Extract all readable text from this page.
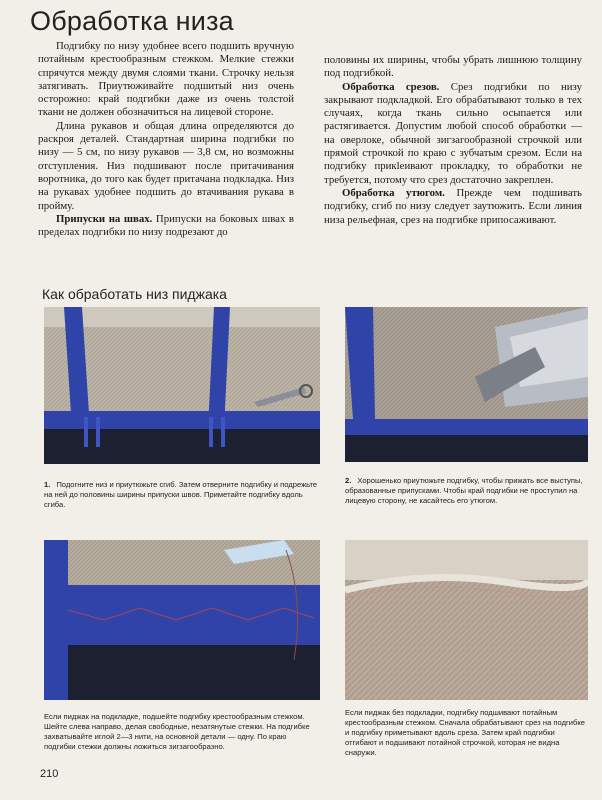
Обработка низа

Подгибку по низу удобнее всего подшить вручную потайным крестообразным стежком. Мелкие стежки спрячутся между двумя слоями ткани. Строчку нельзя затягивать. Приутюживайте подшитый низ очень осторожно: край подгибки даже из очень толстой ткани не должен обозначиться на лицевой стороне.

Длина рукавов и общая длина определяются до раскроя деталей. Стандартная ширина подгибки по низу — 5 см, по низу рукавов — 3,8 см, но возможны отступления. Низ подшивают после притачивания воротника, до того как будет притачана подкладка. Низ на рукавах удобнее подшить до втачивания рукава в пройму.

Припуски на швах. Припуски на боковых швах в пределах подгибки по низу подрезают до

половины их ширины, чтобы убрать лишнюю толщину под подгибкой.

Обработка срезов. Срез подгибки по низу закрывают подкладкой. Его обрабатывают только в тех случаях, когда ткань сильно осыпается или растягивается. Допустим любой способ обработки — на оверлоке, обычной зигзагообразной строчкой или прямой строчкой по краю с зубчатым срезом. Если на подгибку прикleивают прокладку, то обработки не требуется, потому что срез достаточно закреплен.

Обработка утюгом. Прежде чем подшивать подгибку, сгиб по низу следует заутюжить. Если линия низа рельефная, срез на подгибке припосаживают.

Как обработать низ пиджака
1. Подогните низ и приутюжьте сгиб. Затем отверните подгибку и подрежьте на ней до половины ширины припуски швов. Приметайте подгибку вдоль сгиба.
2. Хорошенько приутюжьте подгибку, чтобы прижать все выступы, образованные припусками. Чтобы край подгибки не проступил на лицевую сторону, не касайтесь его утюгом.
Если пиджак на подкладке, подшейте подгибку крестообразным стежком. Шейте слева направо, делая свободные, незатянутые стежки. На подгибке захватывайте иглой 2—3 нити, на основной детали — одну. По краю подгибки стежки должны ложиться зигзагообразно.
Если пиджак без подкладки, подгибку подшивают потайным крестообразным стежком. Сначала обрабатывают срез на подгибке и подгибку приметывают вдоль среза. Затем край подгибки отгибают и подшивают потайной строчкой, которая не видна снаружи.
210
